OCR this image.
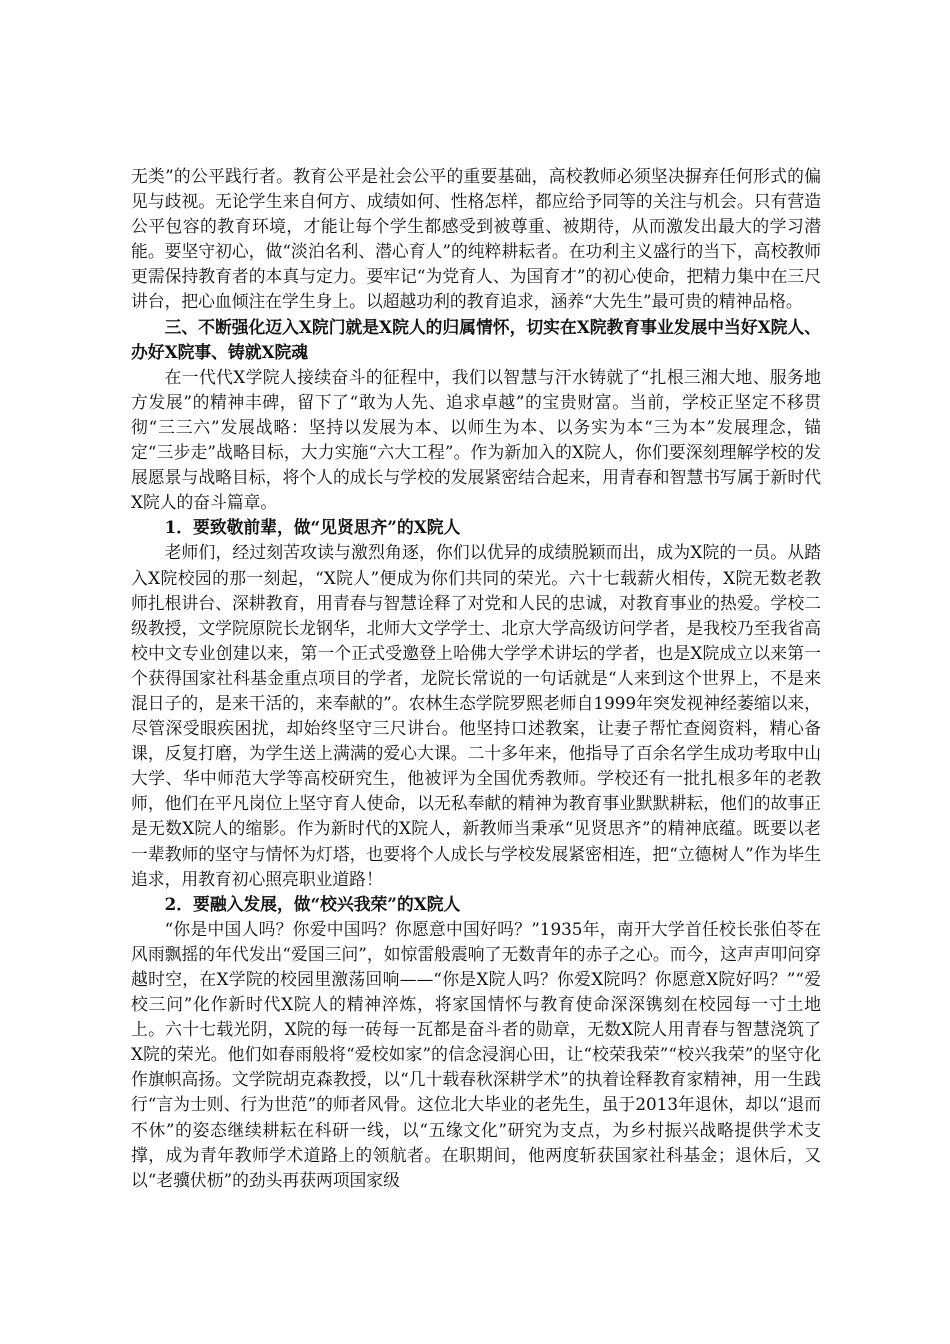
无类”的公平践行者。教育公平是社会公平的重要基础，高校教师必须坚决摒弃任何形式的偏见与歧视。无论学生来自何方、成绩如何、性格怎样，都应给予同等的关注与机会。只有营造公平包容的教育环境，才能让每个学生都感受到被尊重、被期待，从而激发出最大的学习潜能。要坚守初心，做“淡泊名利、潜心育人”的纯粹耕耘者。在功利主义盛行的当下，高校教师更需保持教育者的本真与定力。要牢记“为党育人、为国育才”的初心使命，把精力集中在三尺讲台，把心血倾注在学生身上。以超越功利的教育追求，涵养“大先生”最可贵的精神品格。

三、不断强化迈入X院门就是X院人的归属情怀，切实在X院教育事业发展中当好X院人、办好X院事、铸就X院魂

在一代代X学院人接续奋斗的征程中，我们以智慧与汗水铸就了“扎根三湘大地、服务地方发展”的精神丰碑，留下了“敢为人先、追求卓越”的宝贵财富。当前，学校正坚定不移贯彻“三三六”发展战略：坚持以发展为本、以师生为本、以务实为本“三为本”发展理念，锚定“三步走”战略目标，大力实施“六大工程”。作为新加入的X院人，你们要深刻理解学校的发展愿景与战略目标，将个人的成长与学校的发展紧密结合起来，用青春和智慧书写属于新时代X院人的奋斗篇章。

1．要致敬前辈，做“见贤思齐”的X院人

老师们，经过刻苦攻读与激烈角逐，你们以优异的成绩脱颖而出，成为X院的一员。从踏入X院校园的那一刻起，“X院人”便成为你们共同的荣光。六十七载薪火相传，X院无数老教师扎根讲台、深耕教育，用青春与智慧诠释了对党和人民的忠诚，对教育事业的热爱。学校二级教授，文学院原院长龙钢华，北师大文学学士、北京大学高级访问学者，是我校乃至我省高校中文专业创建以来，第一个正式受邀登上哈佛大学学术讲坛的学者，也是X院成立以来第一个获得国家社科基金重点项目的学者，龙院长常说的一句话就是“人来到这个世界上，不是来混日子的，是来干活的，来奉献的”。农林生态学院罗熙老师自1999年突发视神经萎缩以来，尽管深受眼疾困扰，却始终坚守三尺讲台。他坚持口述教案，让妻子帮忙查阅资料，精心备课，反复打磨，为学生送上满满的爱心大课。二十多年来，他指导了百余名学生成功考取中山大学、华中师范大学等高校研究生，他被评为全国优秀教师。学校还有一批扎根多年的老教师，他们在平凡岗位上坚守育人使命，以无私奉献的精神为教育事业默默耕耘，他们的故事正是无数X院人的缩影。作为新时代的X院人，新教师当秉承“见贤思齐”的精神底蕴。既要以老一辈教师的坚守与情怀为灯塔，也要将个人成长与学校发展紧密相连，把“立德树人”作为毕生追求，用教育初心照亮职业道路！

2．要融入发展，做“校兴我荣”的X院人

“你是中国人吗？你爱中国吗？你愿意中国好吗？”1935年，南开大学首任校长张伯苓在风雨飘摇的年代发出“爱国三问”，如惊雷般震响了无数青年的赤子之心。而今，这声声叩问穿越时空，在X学院的校园里激荡回响——“你是X院人吗？你爱X院吗？你愿意X院好吗？”“爱校三问”化作新时代X院人的精神淬炼，将家国情怀与教育使命深深镌刻在校园每一寸土地上。六十七载光阴，X院的每一砖每一瓦都是奋斗者的勋章，无数X院人用青春与智慧浇筑了X院的荣光。他们如春雨般将“爱校如家”的信念浸润心田，让“校荣我荣”“校兴我荣”的坚守化作旗帜高扬。文学院胡克森教授，以“几十载春秋深耕学术”的执着诠释教育家精神，用一生践行“言为士则、行为世范”的师者风骨。这位北大毕业的老先生，虽于2013年退休，却以“退而不休”的姿态继续耕耘在科研一线，以“五缘文化”研究为支点，为乡村振兴战略提供学术支撑，成为青年教师学术道路上的领航者。在职期间，他两度斩获国家社科基金；退休后，又以“老骥伏枥”的劲头再获两项国家级
